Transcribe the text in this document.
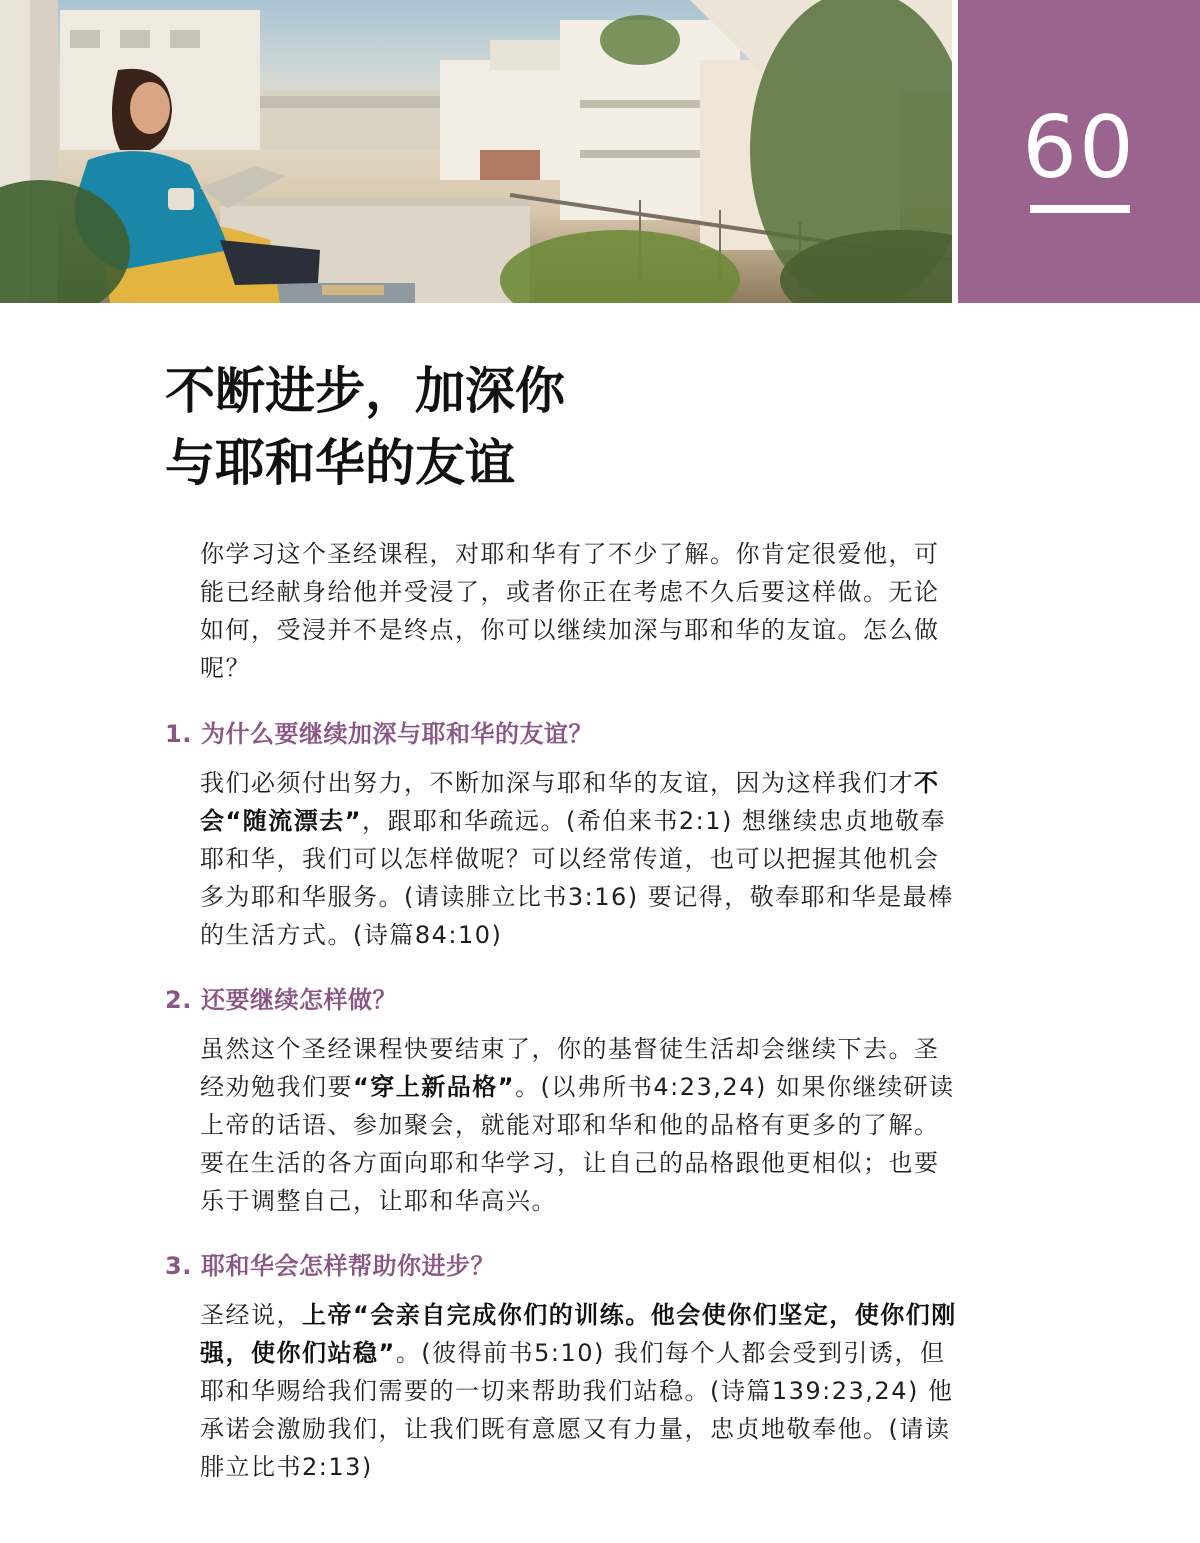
60
不断进步，加深你
与耶和华的友谊

你学习这个圣经课程，对耶和华有了不少了解。你肯定很爱他，可能已经献身给他并受浸了，或者你正在考虑不久后要这样做。无论如何，受浸并不是终点，你可以继续加深与耶和华的友谊。怎么做呢？

1. 为什么要继续加深与耶和华的友谊？

我们必须付出努力，不断加深与耶和华的友谊，因为这样我们才不会“随流漂去”，跟耶和华疏远。(希伯来书2:1) 想继续忠贞地敬奉耶和华，我们可以怎样做呢？可以经常传道，也可以把握其他机会多为耶和华服务。(请读腓立比书3:16) 要记得，敬奉耶和华是最棒的生活方式。(诗篇84:10)

2. 还要继续怎样做？

虽然这个圣经课程快要结束了，你的基督徒生活却会继续下去。圣经劝勉我们要“穿上新品格”。(以弗所书4:23,24) 如果你继续研读上帝的话语、参加聚会，就能对耶和华和他的品格有更多的了解。要在生活的各方面向耶和华学习，让自己的品格跟他更相似；也要乐于调整自己，让耶和华高兴。

3. 耶和华会怎样帮助你进步？

圣经说，上帝“会亲自完成你们的训练。他会使你们坚定，使你们刚强，使你们站稳”。(彼得前书5:10) 我们每个人都会受到引诱，但耶和华赐给我们需要的一切来帮助我们站稳。(诗篇139:23,24) 他承诺会激励我们，让我们既有意愿又有力量，忠贞地敬奉他。(请读腓立比书2:13)
